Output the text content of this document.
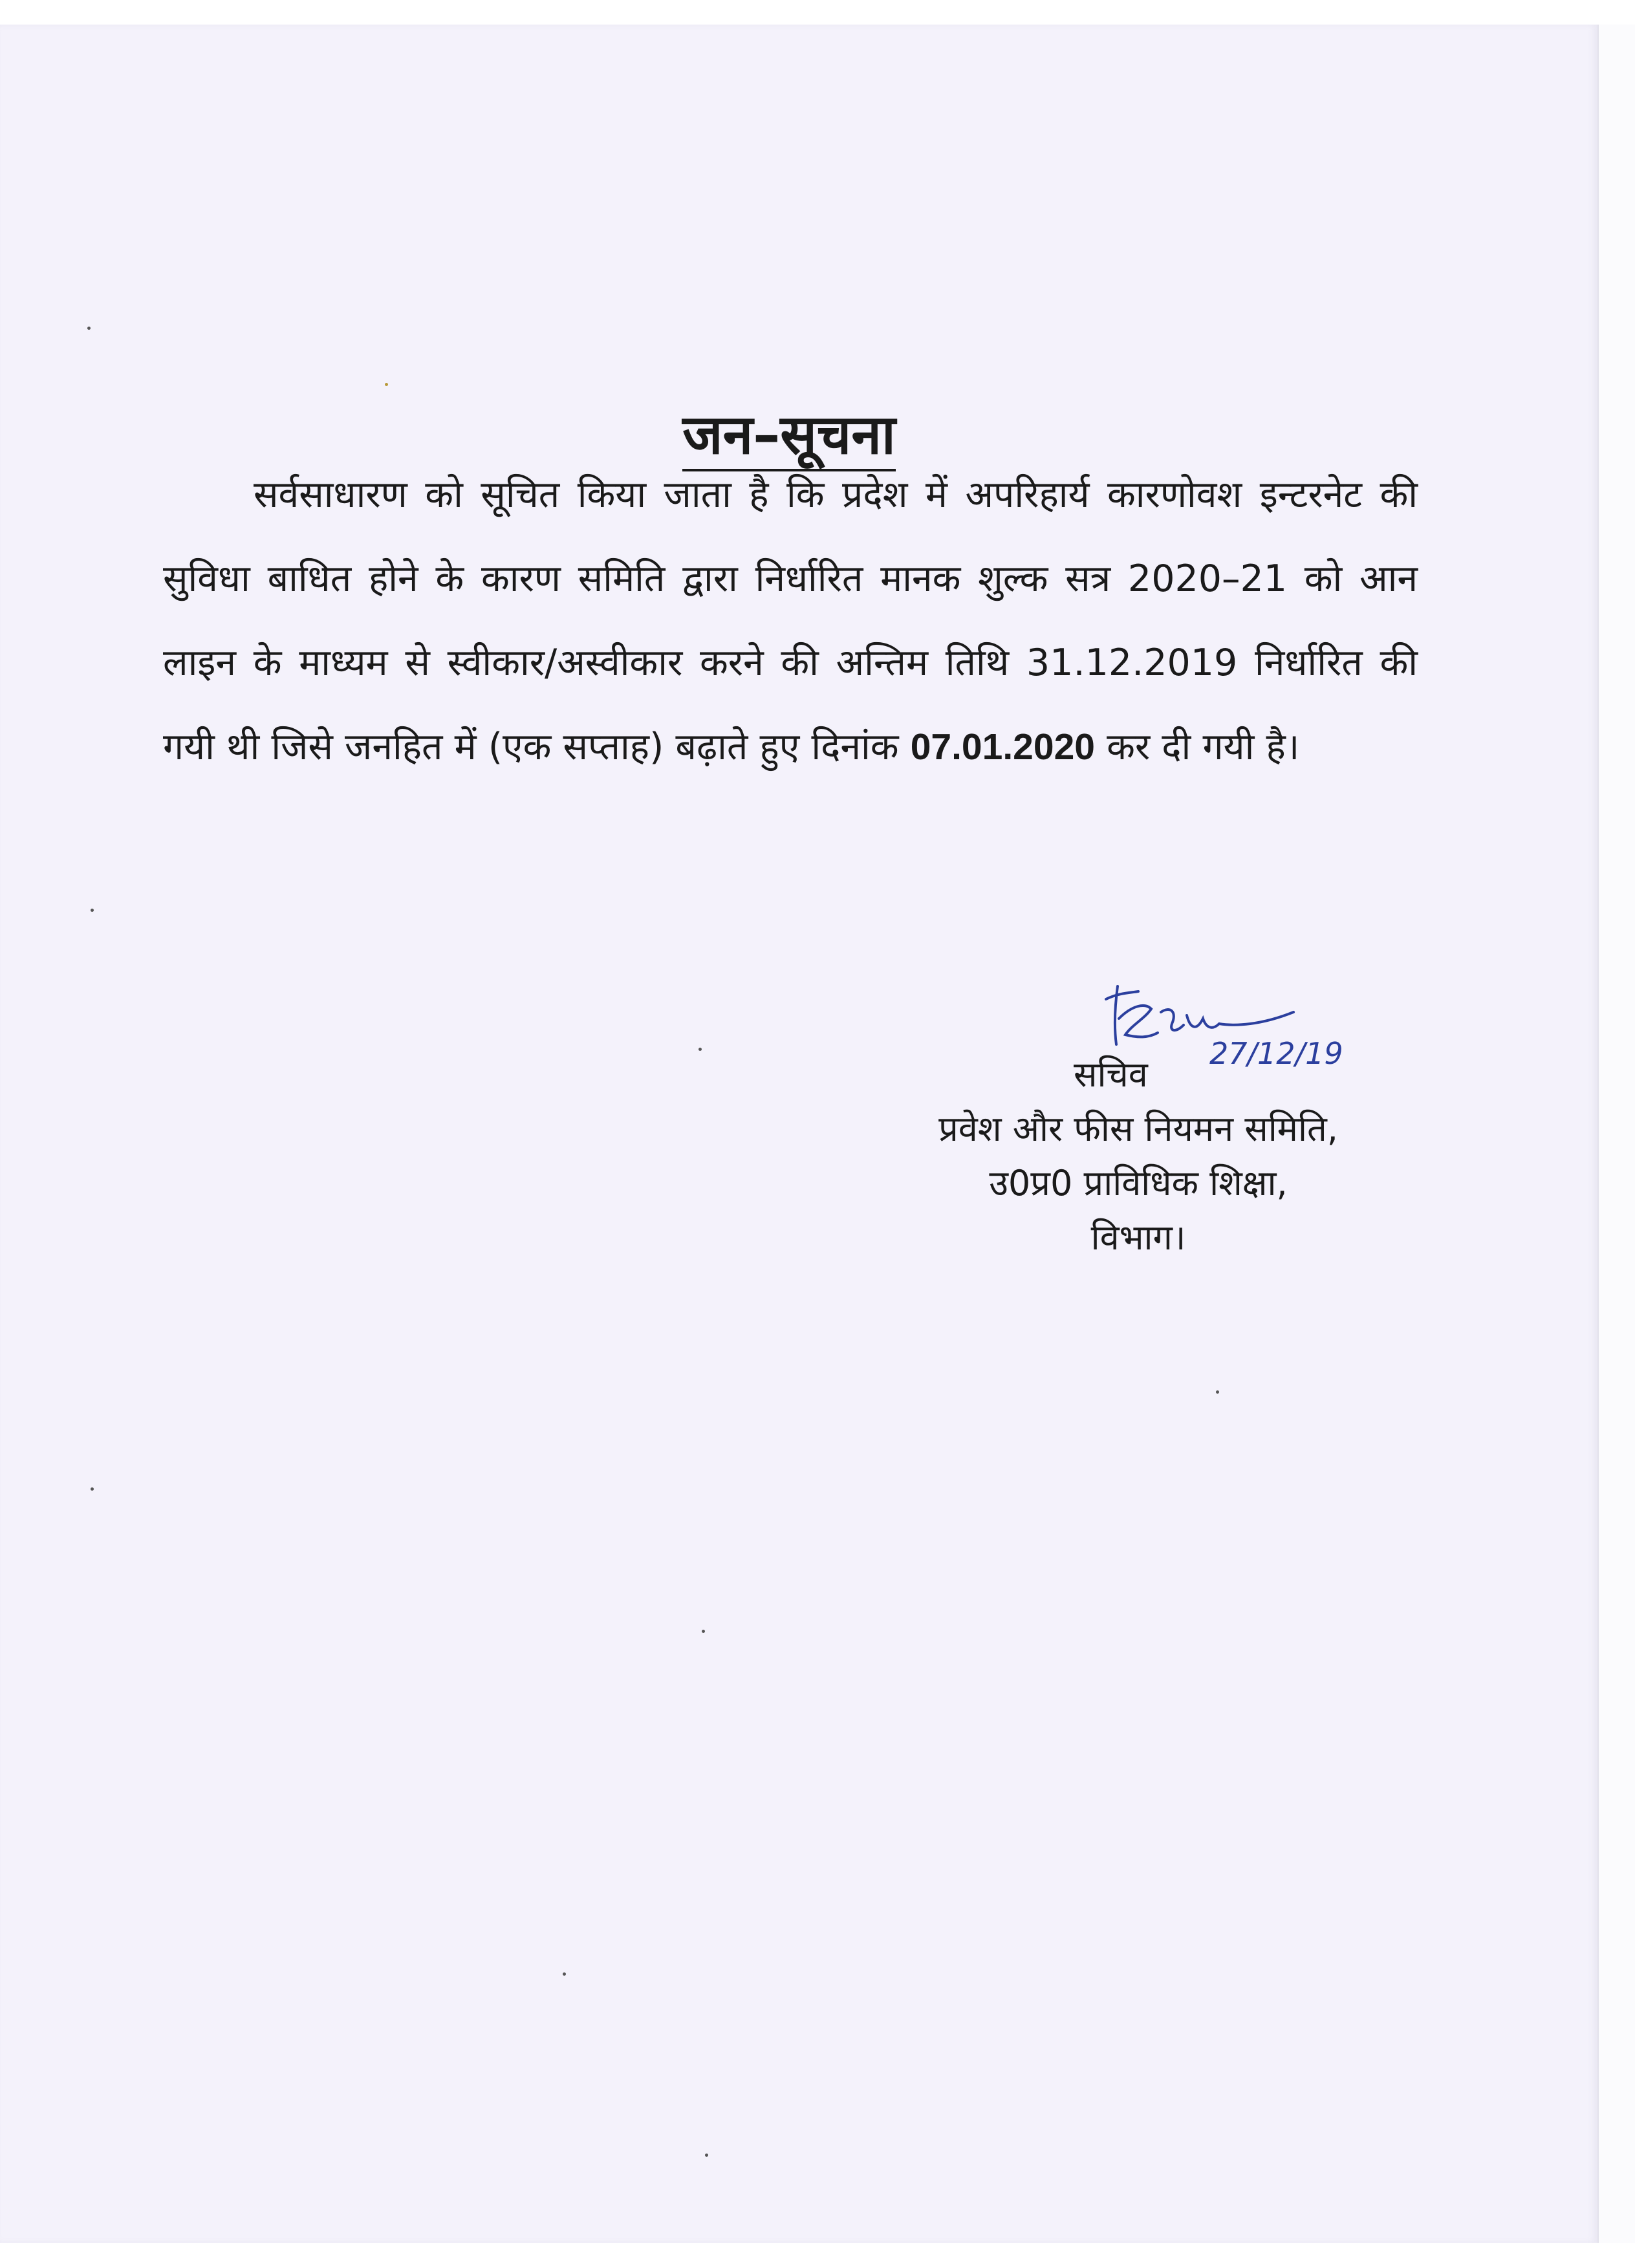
जन–सूचना

सर्वसाधारण को सूचित किया जाता है कि प्रदेश में अपरिहार्य कारणोवश इन्टरनेट की सुविधा बाधित होने के कारण समिति द्वारा निर्धारित मानक शुल्क सत्र 2020–21 को आन लाइन के माध्यम से स्वीकार/अस्वीकार करने की अन्तिम तिथि 31.12.2019 निर्धारित की गयी थी जिसे जनहित में (एक सप्ताह) बढ़ाते हुए दिनांक 07.01.2020 कर दी गयी है।

27/12/19
सचिव
प्रवेश और फीस नियमन समिति,
उ0प्र0 प्राविधिक शिक्षा,
विभाग।
